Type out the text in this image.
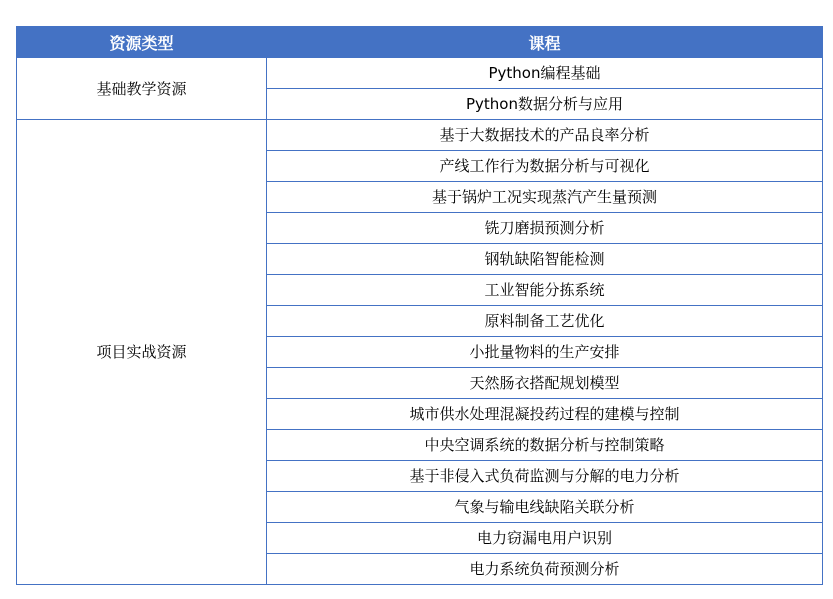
资源类型	课程
基础教学资源	Python编程基础
	Python数据分析与应用
项目实战资源	基于大数据技术的产品良率分析
	产线工作行为数据分析与可视化
	基于锅炉工况实现蒸汽产生量预测
	铣刀磨损预测分析
	钢轨缺陷智能检测
	工业智能分拣系统
	原料制备工艺优化
	小批量物料的生产安排
	天然肠衣搭配规划模型
	城市供水处理混凝投药过程的建模与控制
	中央空调系统的数据分析与控制策略
	基于非侵入式负荷监测与分解的电力分析
	气象与输电线缺陷关联分析
	电力窃漏电用户识别
	电力系统负荷预测分析
